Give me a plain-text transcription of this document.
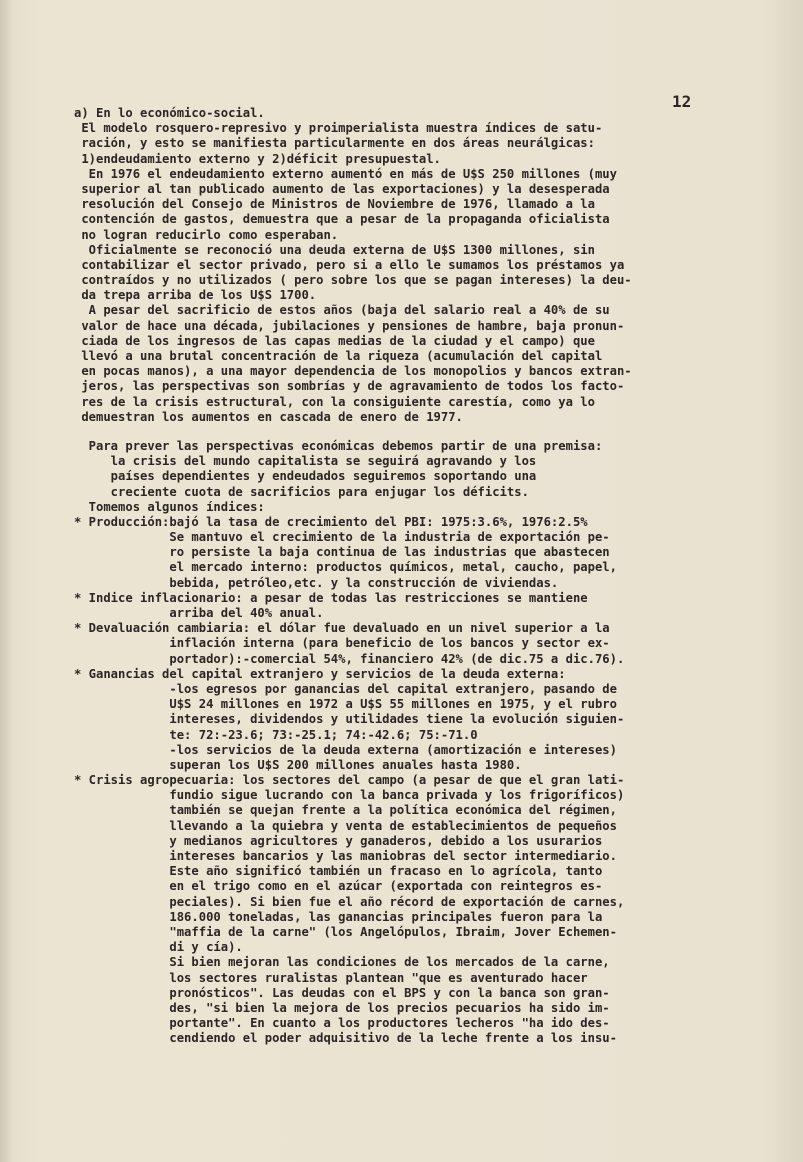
12
a) En lo económico-social.
El modelo rosquero-represivo y proimperialista muestra índices de satu-
ración, y esto se manifiesta particularmente en dos áreas neurálgicas:
1)endeudamiento externo y 2)déficit presupuestal.
En 1976 el endeudamiento externo aumentó en más de U$S 250 millones (muy
superior al tan publicado aumento de las exportaciones) y la desesperada
resolución del Consejo de Ministros de Noviembre de 1976, llamado a la
contención de gastos, demuestra que a pesar de la propaganda oficialista
no logran reducirlo como esperaban.
Oficialmente se reconoció una deuda externa de U$S 1300 millones, sin
contabilizar el sector privado, pero si a ello le sumamos los préstamos ya
contraídos y no utilizados ( pero sobre los que se pagan intereses) la deu-
da trepa arriba de los U$S 1700.
A pesar del sacrificio de estos años (baja del salario real a 40% de su
valor de hace una década, jubilaciones y pensiones de hambre, baja pronun-
ciada de los ingresos de las capas medias de la ciudad y el campo) que
llevó a una brutal concentración de la riqueza (acumulación del capital
en pocas manos), a una mayor dependencia de los monopolios y bancos extran-
jeros, las perspectivas son sombrías y de agravamiento de todos los facto-
res de la crisis estructural, con la consiguiente carestía, como ya lo
demuestran los aumentos en cascada de enero de 1977.
Para prever las perspectivas económicas debemos partir de una premisa:
la crisis del mundo capitalista se seguirá agravando y los
países dependientes y endeudados seguiremos soportando una
creciente cuota de sacrificios para enjugar los déficits.
Tomemos algunos índices:
* Producción:bajó la tasa de crecimiento del PBI: 1975:3.6%, 1976:2.5%
Se mantuvo el crecimiento de la industria de exportación pe-
ro persiste la baja continua de las industrias que abastecen
el mercado interno: productos químicos, metal, caucho, papel,
bebida, petróleo,etc. y la construcción de viviendas.
* Indice inflacionario: a pesar de todas las restricciones se mantiene
arriba del 40% anual.
* Devaluación cambiaria: el dólar fue devaluado en un nivel superior a la
inflación interna (para beneficio de los bancos y sector ex-
portador):-comercial 54%, financiero 42% (de dic.75 a dic.76).
* Ganancias del capital extranjero y servicios de la deuda externa:
-los egresos por ganancias del capital extranjero, pasando de
U$S 24 millones en 1972 a U$S 55 millones en 1975, y el rubro
intereses, dividendos y utilidades tiene la evolución siguien-
te: 72:-23.6; 73:-25.1; 74:-42.6; 75:-71.0
-los servicios de la deuda externa (amortización e intereses)
superan los U$S 200 millones anuales hasta 1980.
* Crisis agropecuaria: los sectores del campo (a pesar de que el gran lati-
fundio sigue lucrando con la banca privada y los frigoríficos)
también se quejan frente a la política económica del régimen,
llevando a la quiebra y venta de establecimientos de pequeños
y medianos agricultores y ganaderos, debido a los usurarios
intereses bancarios y las maniobras del sector intermediario.
Este año significó también un fracaso en lo agrícola, tanto
en el trigo como en el azúcar (exportada con reintegros es-
peciales). Si bien fue el año récord de exportación de carnes,
186.000 toneladas, las ganancias principales fueron para la
"maffia de la carne" (los Angelópulos, Ibraim, Jover Echemen-
di y cía).
Si bien mejoran las condiciones de los mercados de la carne,
los sectores ruralistas plantean "que es aventurado hacer
pronósticos". Las deudas con el BPS y con la banca son gran-
des, "si bien la mejora de los precios pecuarios ha sido im-
portante". En cuanto a los productores lecheros "ha ido des-
cendiendo el poder adquisitivo de la leche frente a los insu-
